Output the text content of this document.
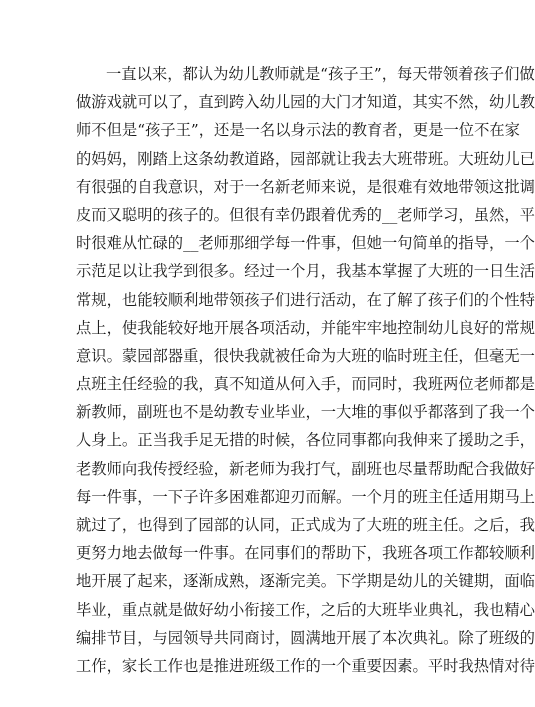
一直以来，都认为幼儿教师就是“孩子王”，每天带领着孩子们做
做游戏就可以了，直到跨入幼儿园的大门才知道，其实不然，幼儿教
师不但是“孩子王”，还是一名以身示法的教育者，更是一位不在家
的妈妈，刚踏上这条幼教道路，园部就让我去大班带班。大班幼儿已
有很强的自我意识，对于一名新老师来说，是很难有效地带领这批调
皮而又聪明的孩子的。但很有幸仍跟着优秀的__老师学习，虽然，平
时很难从忙碌的__老师那细学每一件事，但她一句简单的指导，一个
示范足以让我学到很多。经过一个月，我基本掌握了大班的一日生活
常规，也能较顺利地带领孩子们进行活动，在了解了孩子们的个性特
点上，使我能较好地开展各项活动，并能牢牢地控制幼儿良好的常规
意识。蒙园部器重，很快我就被任命为大班的临时班主任，但毫无一
点班主任经验的我，真不知道从何入手，而同时，我班两位老师都是
新教师，副班也不是幼教专业毕业，一大堆的事似乎都落到了我一个
人身上。正当我手足无措的时候，各位同事都向我伸来了援助之手，
老教师向我传授经验，新老师为我打气，副班也尽量帮助配合我做好
每一件事，一下子许多困难都迎刃而解。一个月的班主任适用期马上
就过了，也得到了园部的认同，正式成为了大班的班主任。之后，我
更努力地去做每一件事。在同事们的帮助下，我班各项工作都较顺利
地开展了起来，逐渐成熟，逐渐完美。下学期是幼儿的关键期，面临
毕业，重点就是做好幼小衔接工作，之后的大班毕业典礼，我也精心
编排节目，与园领导共同商讨，圆满地开展了本次典礼。除了班级的
工作，家长工作也是推进班级工作的一个重要因素。平时我热情对待
